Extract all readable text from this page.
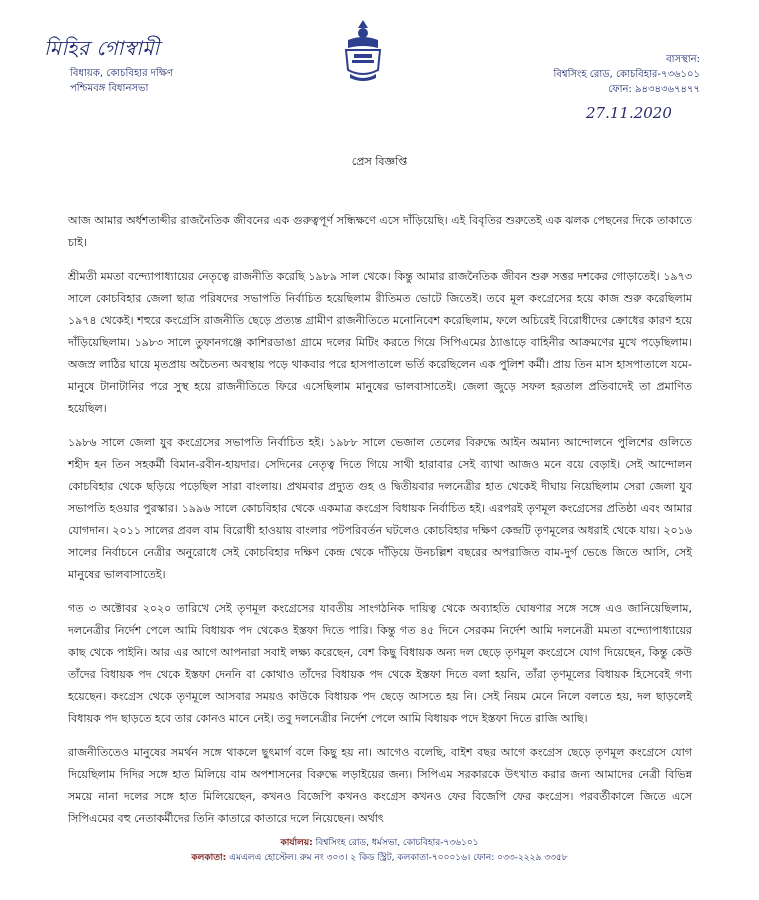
মিহির গোস্বামী
বিধায়ক, কোচবিহার দক্ষিণ
পশ্চিমবঙ্গ বিধানসভা
বাসস্থান:
বিশ্বসিংহ রোড, কোচবিহার-৭৩৬১০১
ফোন: ৯৪৩৪৩৬৭৪৭৭
27.11.2020
প্রেস বিজ্ঞপ্তি

আজ আমার অর্ধশতাব্দীর রাজনৈতিক জীবনের এক গুরুত্বপূর্ণ সন্ধিক্ষণে এসে দাঁড়িয়েছি। এই বিবৃতির শুরুতেই এক ঝলক পেছনের দিকে তাকাতে চাই।

শ্রীমতী মমতা বন্দ্যোপাধ্যায়ের নেতৃত্বে রাজনীতি করেছি ১৯৮৯ সাল থেকে। কিন্তু আমার রাজনৈতিক জীবন শুরু সত্তর দশকের গোড়াতেই। ১৯৭৩ সালে কোচবিহার জেলা ছাত্র পরিষদের সভাপতি নির্বাচিত হয়েছিলাম রীতিমত ভোটে জিতেই। তবে মূল কংগ্রেসের হয়ে কাজ শুরু করেছিলাম ১৯৭৪ থেকেই। শহুরে কংগ্রেসি রাজনীতি ছেড়ে প্রত্যন্ত গ্রামীণ রাজনীতিতে মনোনিবেশ করেছিলাম, ফলে অচিরেই বিরোধীদের ক্রোধের কারণ হয়ে দাঁড়িয়েছিলাম। ১৯৮৩ সালে তুফানগঞ্জে কাশিরডাঙা গ্রামে দলের মিটিং করতে গিয়ে সিপিএমের ঠ্যাঙাড়ে বাহিনীর আক্রমণের মুখে পড়েছিলাম। অজস্র লাঠির ঘায়ে মৃতপ্রায় অচৈতন্য অবস্থায় পড়ে থাকবার পরে হাসপাতালে ভর্তি করেছিলেন এক পুলিশ কর্মী। প্রায় তিন মাস হাসপাতালে যমে-মানুষে টানাটানির পরে সুস্থ হয়ে রাজনীতিতে ফিরে এসেছিলাম মানুষের ভালবাসাতেই। জেলা জুড়ে সফল হরতাল প্রতিবাদেই তা প্রমাণিত হয়েছিল।

১৯৮৬ সালে জেলা যুব কংগ্রেসের সভাপতি নির্বাচিত হই। ১৯৮৮ সালে ভেজাল তেলের বিরুদ্ধে আইন অমান্য আন্দোলনে পুলিশের গুলিতে শহীদ হন তিন সহকর্মী বিমান-রবীন-হায়দার। সেদিনের নেতৃত্ব দিতে গিয়ে সাথী হারাবার সেই ব্যাথা আজও মনে বয়ে বেড়াই। সেই আন্দোলন কোচবিহার থেকে ছড়িয়ে পড়েছিল সারা বাংলায়। প্রথমবার প্রদ্যুত গুহ ও দ্বিতীয়বার দলনেত্রীর হাত থেকেই দীঘায় নিয়েছিলাম সেরা জেলা যুব সভাপতি হওয়ার পুরস্কার। ১৯৯৬ সালে কোচবিহার থেকে একমাত্র কংগ্রেস বিধায়ক নির্বাচিত হই। এরপরই তৃণমূল কংগ্রেসের প্রতিষ্ঠা এবং আমার যোগদান। ২০১১ সালের প্রবল বাম বিরোধী হাওয়ায় বাংলার পটপরিবর্তন ঘটলেও কোচবিহার দক্ষিণ কেন্দ্রটি তৃণমূলের অধরাই থেকে যায়। ২০১৬ সালের নির্বাচনে নেত্রীর অনুরোধে সেই কোচবিহার দক্ষিণ কেন্দ্র থেকে দাঁড়িয়ে উনচল্লিশ বছরের অপরাজিত বাম-দুর্গ ভেঙে জিতে আসি, সেই মানুষের ভালবাসাতেই।

গত ৩ অক্টোবর ২০২০ তারিখে সেই তৃণমূল কংগ্রেসের যাবতীয় সাংগঠনিক দায়িত্ব থেকে অব্যাহতি ঘোষণার সঙ্গে সঙ্গে এও জানিয়েছিলাম, দলনেত্রীর নির্দেশ পেলে আমি বিধায়ক পদ থেকেও ইস্তফা দিতে পারি। কিন্তু গত ৪৫ দিনে সেরকম নির্দেশ আমি দলনেত্রী মমতা বন্দ্যোপাধ্যায়ের কাছ থেকে পাইনি। আর এর আগে আপনারা সবাই লক্ষ্য করেছেন, বেশ কিছু বিধায়ক অন্য দল ছেড়ে তৃণমূল কংগ্রেসে যোগ দিয়েছেন, কিন্তু কেউ তাঁদের বিধায়ক পদ থেকে ইস্তফা দেননি বা কোথাও তাঁদের বিধায়ক পদ থেকে ইস্তফা দিতে বলা হয়নি, তাঁরা তৃণমূলের বিধায়ক হিসেবেই গণ্য হয়েছেন। কংগ্রেস থেকে তৃণমূলে আসবার সময়ও কাউকে বিধায়ক পদ ছেড়ে আসতে হয় নি। সেই নিয়ম মেনে নিলে বলতে হয়, দল ছাড়লেই বিধায়ক পদ ছাড়তে হবে তার কোনও মানে নেই। তবু দলনেত্রীর নির্দেশ পেলে আমি বিধায়ক পদে ইস্তফা দিতে রাজি আছি।

রাজনীতিতেও মানুষের সমর্থন সঙ্গে থাকলে ছুৎমার্গ বলে কিছু হয় না। আগেও বলেছি, বাইশ বছর আগে কংগ্রেস ছেড়ে তৃণমূল কংগ্রেসে যোগ দিয়েছিলাম দিদির সঙ্গে হাত মিলিয়ে বাম অপশাসনের বিরুদ্ধে লড়াইয়ের জন্য। সিপিএম সরকারকে উৎখাত করার জন্য আমাদের নেত্রী বিভিন্ন সময়ে নানা দলের সঙ্গে হাত মিলিয়েছেন, কখনও বিজেপি কখনও কংগ্রেস কখনও ফের বিজেপি ফের কংগ্রেস। পরবর্তীকালে জিতে এসে সিপিএমের বহু নেতাকর্মীদের তিনি কাতারে কাতারে দলে নিয়েছেন। অর্থাৎ

কার্যালয়: বিশ্বসিংহ রোড, ধর্মসভা, কোচবিহার-৭৩৬১০১
কলকাতা: এমএলএ হোস্টেল। রুম নং ৩০৩। ২ কিড স্ট্রিট, কলকাতা-৭০০০১৬। ফোন: ০৩৩-২২২৯ ৩৩৫৮
